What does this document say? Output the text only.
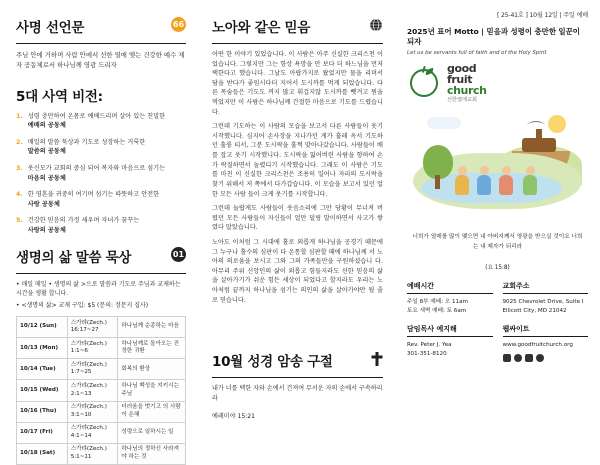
사명 선언문	66
주님 안에 거하며 사람 안에서 선한 열매 맺는 건강한 예수 제자 공동체로서 하나님께 영광 드리자
5대 사역 비전:
1. 성령 충만하여 온몸로 예배드리며 살아 있는 친밀한
예배의 공동체
2. 매일의 말씀 묵상과 기도로 성장하는 거룩한
말씀의 공동체
3. 웃신모가 교회의 중심 되어 복자와 마음으로 섬기는
마음의 공동체
4. 한 영혼을 귀중히 여기며 섬기는 따뜻하고 안전한
사랑 공동체
5. 건강한 믿음의 가정 세우며 자녀가 꿈꾸는
사랑의 공동체
생명의 삶 말씀 묵상	01
• 매일 매일 • 생명의 삶 >으로 말씀과 기도로 주님과 교제하는 시간을 생활 합니다.
• <생명의 삶> 교재 구입: $5 (문의: 정문지 집사)
10/12 (Sun)	스가랴(Zech.) 16:17~27	하나님께 순종하는 마음
10/13 (Mon)	스가랴(Zech.) 1:1~6	하나님께로 돌아오는 진정한 귀환
10/14 (Tue)	스가랴(Zech.) 1:7~25	회복의 환상
10/15 (Wed)	스가랴(Zech.) 2:1~13	하나님 백성을 지키시는 주님
10/16 (Thu)	스가랴(Zech.) 3:1~10	더러움을 벗기고 의 사람이 은혜
10/17 (Fri)	스가랴(Zech.) 4:1~14	성령으로 일하시는 일
10/18 (Sat)	스가랴(Zech.) 5:1~11	하나님의 정하신 사라져야 하는 것
노아와 같은 믿음

어떤 한 이야기 있었습니다. 이 사람은 아주 신실한 크리스천 이었습니다. 그렇지만 그는 항상 욕망을 안 보다 더 하느님을 먼저 택한다고 했습니다. 그날도 아랍가지로 왔었지만 물을 리뎌서 담을 받다가 좋임시다더 지어서 도시까를 먹게 되었습니다. 다른 목숨들은 기도도 꺼지 많고 휘겁지않 도시까를 뺏겨고 뭔을 먹었지만 이 사람은 하나님께 간절한 마음으로 기도를 드렸습니다.

그런데 기도하는 이 사람의 모습을 보고서 다른 사람들이 웃기 시작했니다. 심지어 손사장을 지나가던 게가 훌레 옥서 기도하 던 훌륭 티서, 그분 도시락을 훌쩍 맞아나갔습니다. 사람들이 배를 잡고 웃기 시작했니다. 도시락을 잃어버린 사람을 향하여 손가 락질하면서 놀렸디기 시작했습니다. 그래도 이 사람은 기도를 마친 이 신실한 크리스천은 조용히 일어나 자리의 도시락을 찾기 위해서 저 쪽에서 다가갑습니다. 이 모습을 보고서 있던 얼한 모든 사람 들이 크게 웃기를 시작합니다.

그런데 놀랍게도 사람들이 웃음소리에 그만 당황이 무너져 버 렸던 모든 사람들이 자신들이 얼만 덜링 말이하면서 사고가 쌓였다 말았습니다.

노아도 이처럼 그 시대에 홀로 외롭게 하나님을 공경기 때문에 그 누구나 홀수의 심판이 다 온통할 심판할 때에 하나님께 서 노아의 의로움을 보시고 그와 그의 가족들만을 구원하셨습니 다. 아무리 주위 신앙인의 삶이 외롭고 힘들지라도 선한 믿음의 삶을 살아가기가 쉬운 힘든 세상이 되었다고 할지라도 우리는 노 아처럼 끝까지 하나님을 섬기는 의인의 삶을 살아가야만 될 줄로 믿습니다.

10월 성경 암송 구절
내가 너를 택한 자와 손에서 건져여 무서운 자의 손에서 구속하리라
예레미야 15:21
[ 25-41호 ] 10월 12일 | 주일 예배
2025년 표어 Motto | 믿음과 성령이 충만한 일꾼이 되자
Let us be servants full of faith and of the Holy Spirit
good
fruit
church
선한열매교회
너희가 열매를 많이 맺으면 내 아버지께서 영광을 받으실 것이요 너희는 내 제자가 되리라
(요 15:8)
예배시간
주일 8부 예배: 오 11am
토요 새벽 예배: 토 6am
교회주소
9025 Chevrolet Drive, Suite I
Ellicott City, MD 21042
담임목사 예지해
Rev. Peter J. Yea
301-351-8120
웹싸이트
www.goodfruitchurch.org
